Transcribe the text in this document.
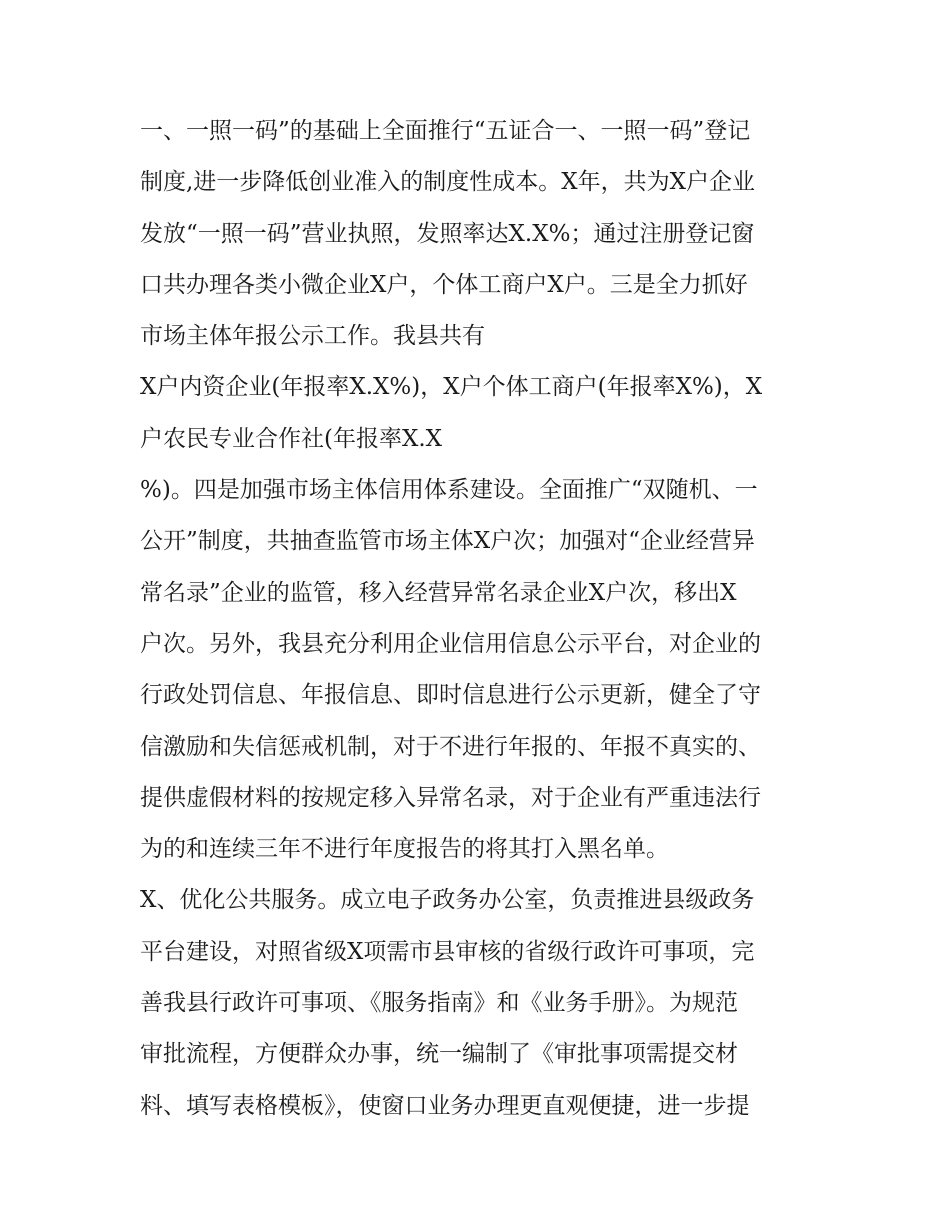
一、一照一码”的基础上全面推行“五证合一、一照一码”登记
制度,进一步降低创业准入的制度性成本。X年，共为X户企业
发放“一照一码”营业执照，发照率达X.X%；通过注册登记窗
口共办理各类小微企业X户，个体工商户X户。三是全力抓好
市场主体年报公示工作。我县共有
X户内资企业(年报率X.X%)，X户个体工商户(年报率X%)，X
户农民专业合作社(年报率X.X
%)。四是加强市场主体信用体系建设。全面推广“双随机、一
公开”制度，共抽查监管市场主体X户次；加强对“企业经营异
常名录”企业的监管，移入经营异常名录企业X户次，移出X
户次。另外，我县充分利用企业信用信息公示平台，对企业的
行政处罚信息、年报信息、即时信息进行公示更新，健全了守
信激励和失信惩戒机制，对于不进行年报的、年报不真实的、
提供虚假材料的按规定移入异常名录，对于企业有严重违法行
为的和连续三年不进行年度报告的将其打入黑名单。
X、优化公共服务。成立电子政务办公室，负责推进县级政务
平台建设，对照省级X项需市县审核的省级行政许可事项，完
善我县行政许可事项、《服务指南》和《业务手册》。为规范
审批流程，方便群众办事，统一编制了《审批事项需提交材
料、填写表格模板》，使窗口业务办理更直观便捷，进一步提
